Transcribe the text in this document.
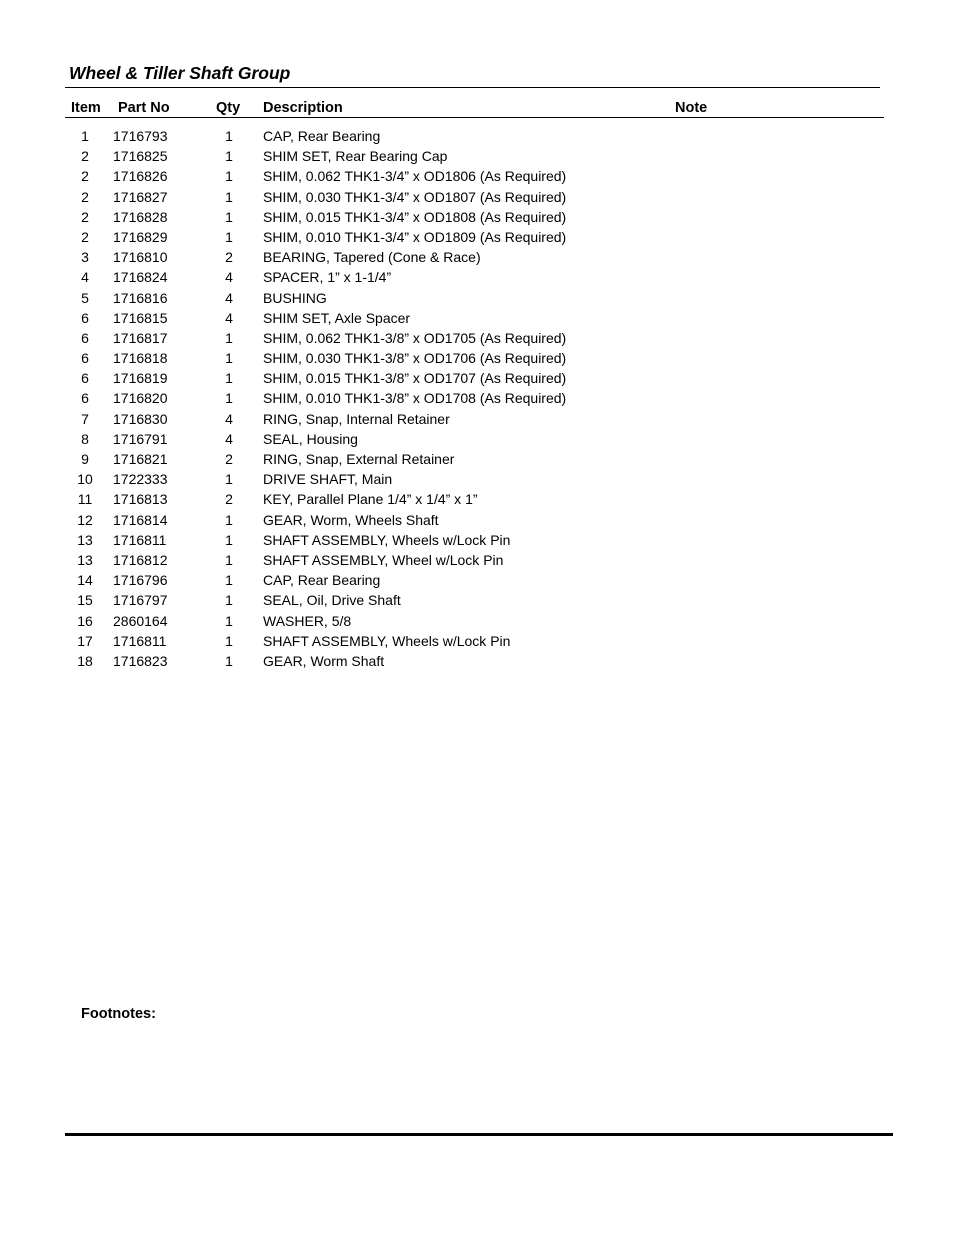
Wheel & Tiller Shaft Group
Item Part No	Qty Description	Note
1	1716793	1	CAP, Rear Bearing
2	1716825	1	SHIM SET, Rear Bearing Cap
2	1716826	1	SHIM, 0.062 THK1-3/4” x OD1806 (As Required)
2	1716827	1	SHIM, 0.030 THK1-3/4” x OD1807 (As Required)
2	1716828	1	SHIM, 0.015 THK1-3/4” x OD1808 (As Required)
2	1716829	1	SHIM, 0.010 THK1-3/4” x OD1809 (As Required)
3	1716810	2	BEARING, Tapered (Cone & Race)
4	1716824	4	SPACER, 1” x 1-1/4”
5	1716816	4	BUSHING
6	1716815	4	SHIM SET, Axle Spacer
6	1716817	1	SHIM, 0.062 THK1-3/8” x OD1705 (As Required)
6	1716818	1	SHIM, 0.030 THK1-3/8” x OD1706 (As Required)
6	1716819	1	SHIM, 0.015 THK1-3/8” x OD1707 (As Required)
6	1716820	1	SHIM, 0.010 THK1-3/8” x OD1708 (As Required)
7	1716830	4	RING, Snap, Internal Retainer
8	1716791	4	SEAL, Housing
9	1716821	2	RING, Snap, External Retainer
10	1722333	1	DRIVE SHAFT, Main
11	1716813	2	KEY, Parallel Plane 1/4” x 1/4” x 1”
12	1716814	1	GEAR, Worm, Wheels Shaft
13	1716811	1	SHAFT ASSEMBLY, Wheels w/Lock Pin
13	1716812	1	SHAFT ASSEMBLY, Wheel w/Lock Pin
14	1716796	1	CAP, Rear Bearing
15	1716797	1	SEAL, Oil, Drive Shaft
16	2860164	1	WASHER, 5/8
17	1716811	1	SHAFT ASSEMBLY, Wheels w/Lock Pin
18	1716823	1	GEAR, Worm Shaft
Footnotes:
